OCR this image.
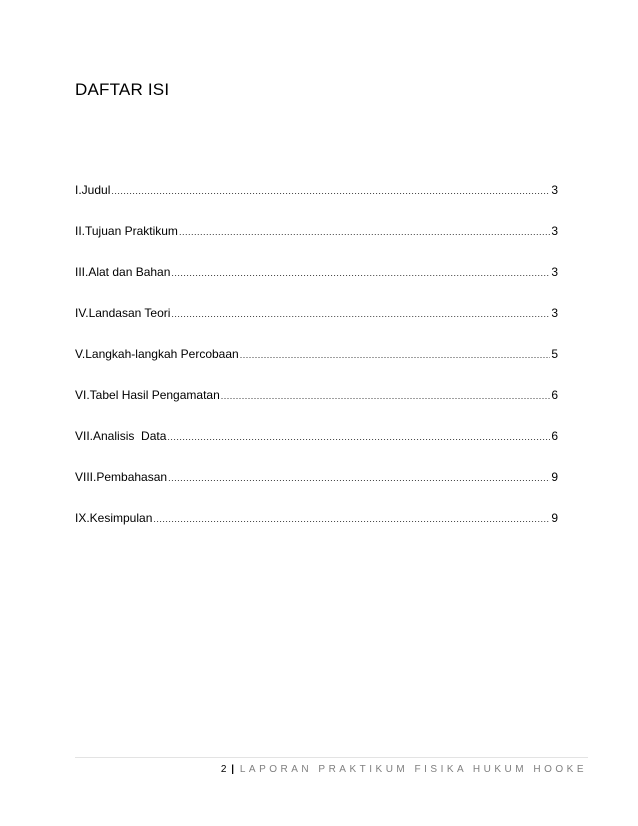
DAFTAR ISI
I.Judul .....	3
II.Tujuan Praktikum .....	3
III.Alat dan Bahan .....	3
IV.Landasan Teori .....	3
V.Langkah-langkah Percobaan .....	5
VI.Tabel Hasil Pengamatan .....	6
VII.Analisis  Data .....	6
VIII.Pembahasan .....	9
IX.Kesimpulan .....	9
2 | LAPORAN PRAKTIKUM FISIKA HUKUM HOOKE
